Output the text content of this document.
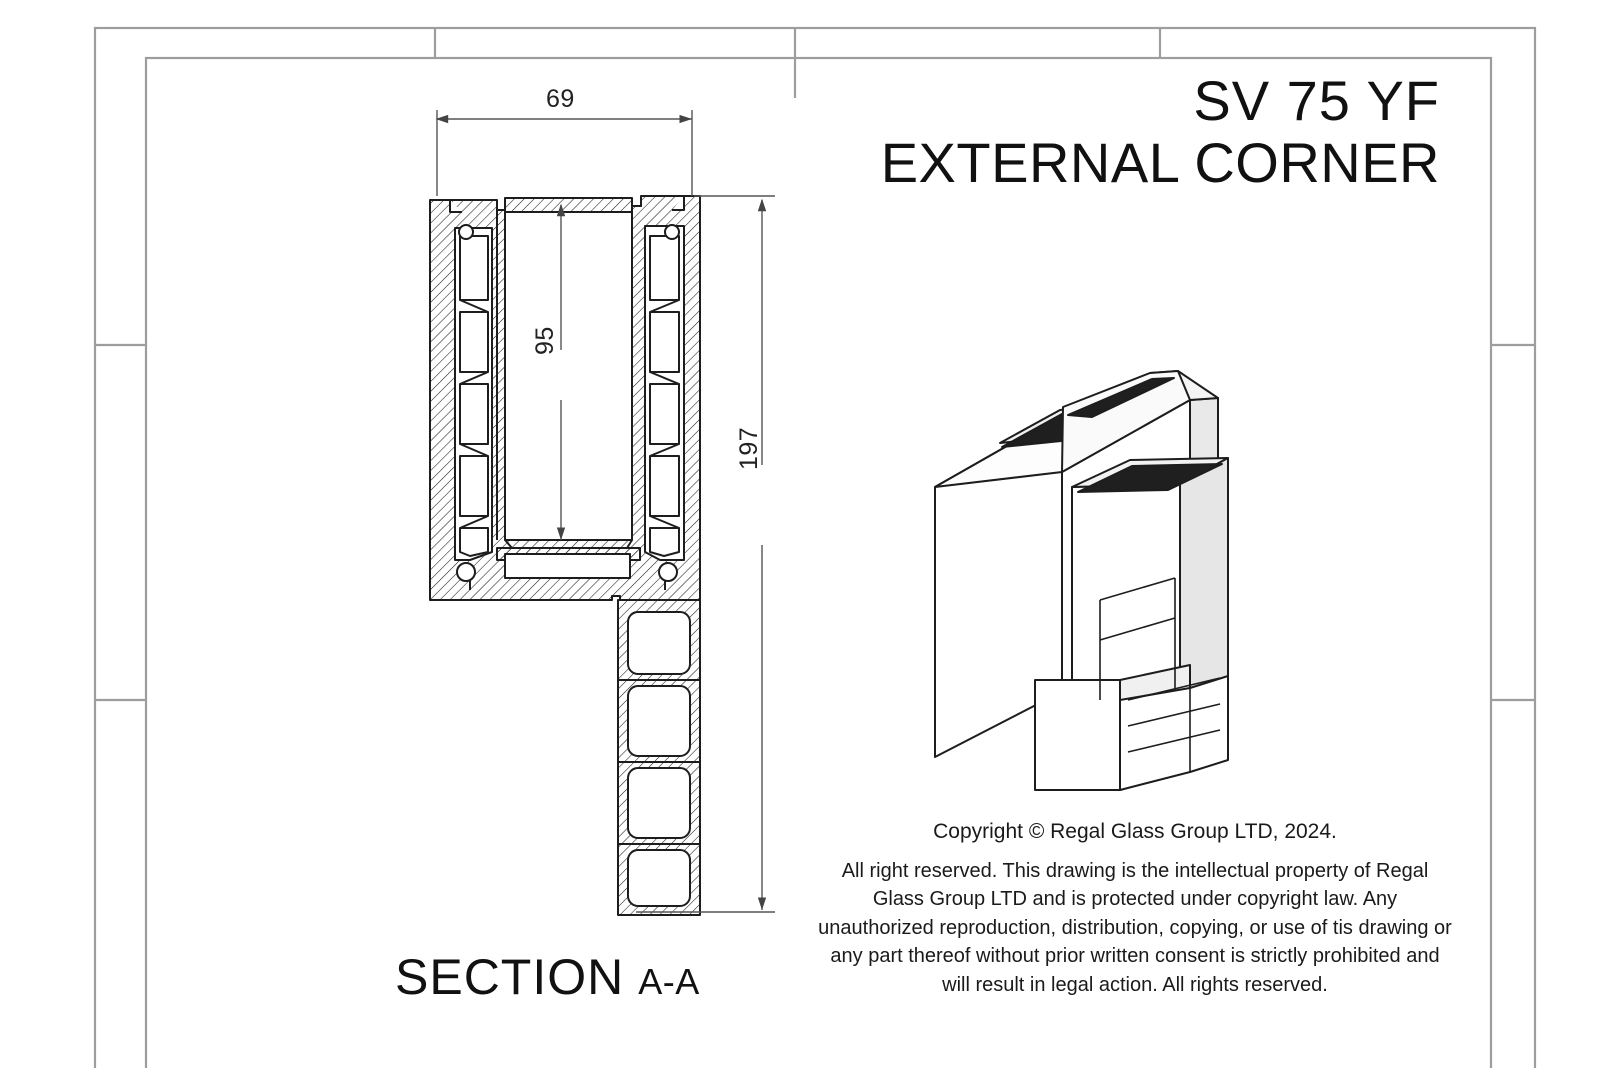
SV 75 YF
EXTERNAL CORNER
SECTION A-A
69
95
197
Copyright © Regal Glass Group LTD, 2024.
All right reserved. This drawing is the intellectual property of Regal Glass Group LTD and is protected under copyright law. Any unauthorized reproduction, distribution, copying, or use of tis drawing or any part thereof without prior written consent is strictly prohibited and will result in legal action. All rights reserved.
